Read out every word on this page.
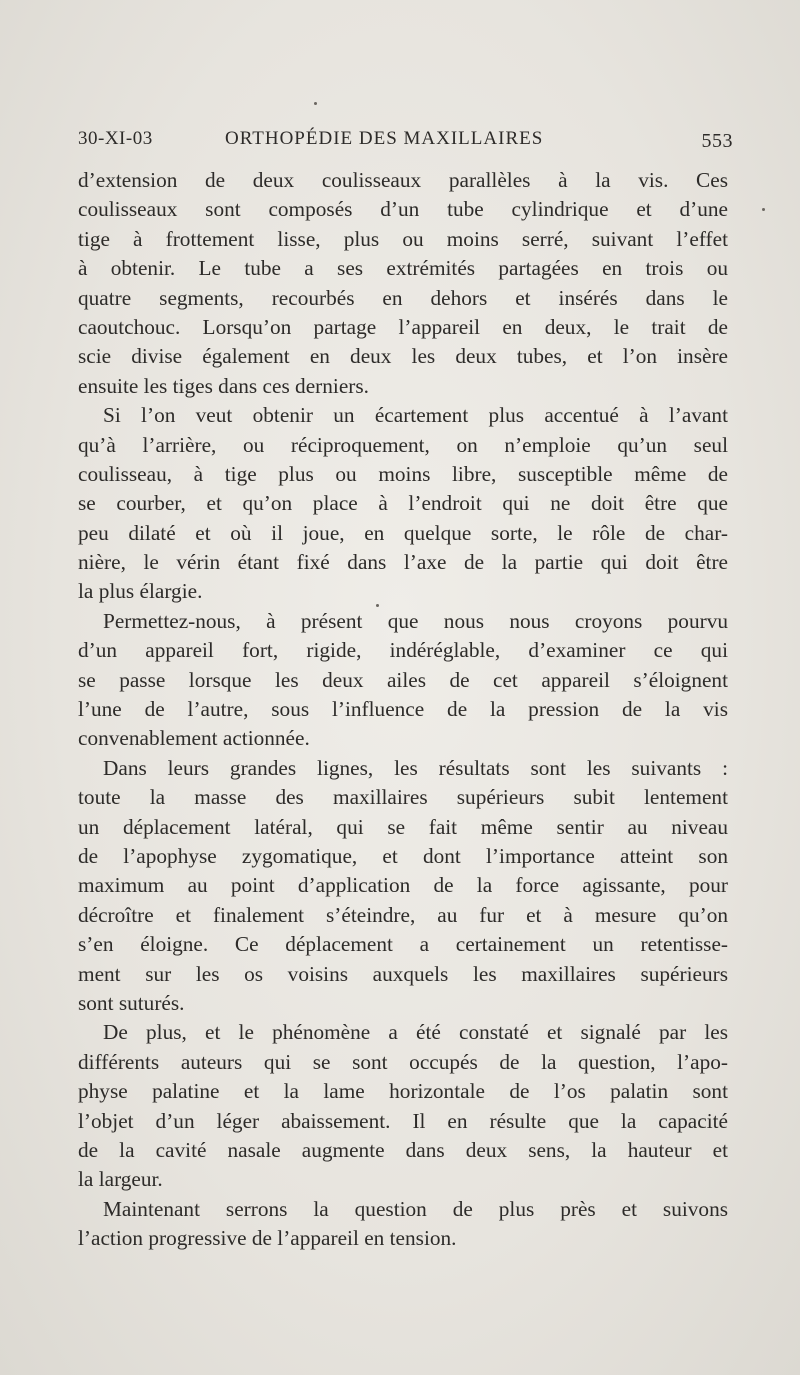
30-XI-03	ORTHOPÉDIE DES MAXILLAIRES	553
d’extension de deux coulisseaux parallèles à la vis. Ces
coulisseaux sont composés d’un tube cylindrique et d’une
tige à frottement lisse, plus ou moins serré, suivant l’effet
à obtenir. Le tube a ses extrémités partagées en trois ou
quatre segments, recourbés en dehors et insérés dans le
caoutchouc. Lorsqu’on partage l’appareil en deux, le trait de
scie divise également en deux les deux tubes, et l’on insère
ensuite les tiges dans ces derniers.
Si l’on veut obtenir un écartement plus accentué à l’avant
qu’à l’arrière, ou réciproquement, on n’emploie qu’un seul
coulisseau, à tige plus ou moins libre, susceptible même de
se courber, et qu’on place à l’endroit qui ne doit être que
peu dilaté et où il joue, en quelque sorte, le rôle de char-
nière, le vérin étant fixé dans l’axe de la partie qui doit être
la plus élargie.
Permettez-nous, à présent que nous nous croyons pourvu
d’un appareil fort, rigide, indéréglable, d’examiner ce qui
se passe lorsque les deux ailes de cet appareil s’éloignent
l’une de l’autre, sous l’influence de la pression de la vis
convenablement actionnée.
Dans leurs grandes lignes, les résultats sont les suivants :
toute la masse des maxillaires supérieurs subit lentement
un déplacement latéral, qui se fait même sentir au niveau
de l’apophyse zygomatique, et dont l’importance atteint son
maximum au point d’application de la force agissante, pour
décroître et finalement s’éteindre, au fur et à mesure qu’on
s’en éloigne. Ce déplacement a certainement un retentisse-
ment sur les os voisins auxquels les maxillaires supérieurs
sont suturés.
De plus, et le phénomène a été constaté et signalé par les
différents auteurs qui se sont occupés de la question, l’apo-
physe palatine et la lame horizontale de l’os palatin sont
l’objet d’un léger abaissement. Il en résulte que la capacité
de la cavité nasale augmente dans deux sens, la hauteur et
la largeur.
Maintenant serrons la question de plus près et suivons
l’action progressive de l’appareil en tension.
